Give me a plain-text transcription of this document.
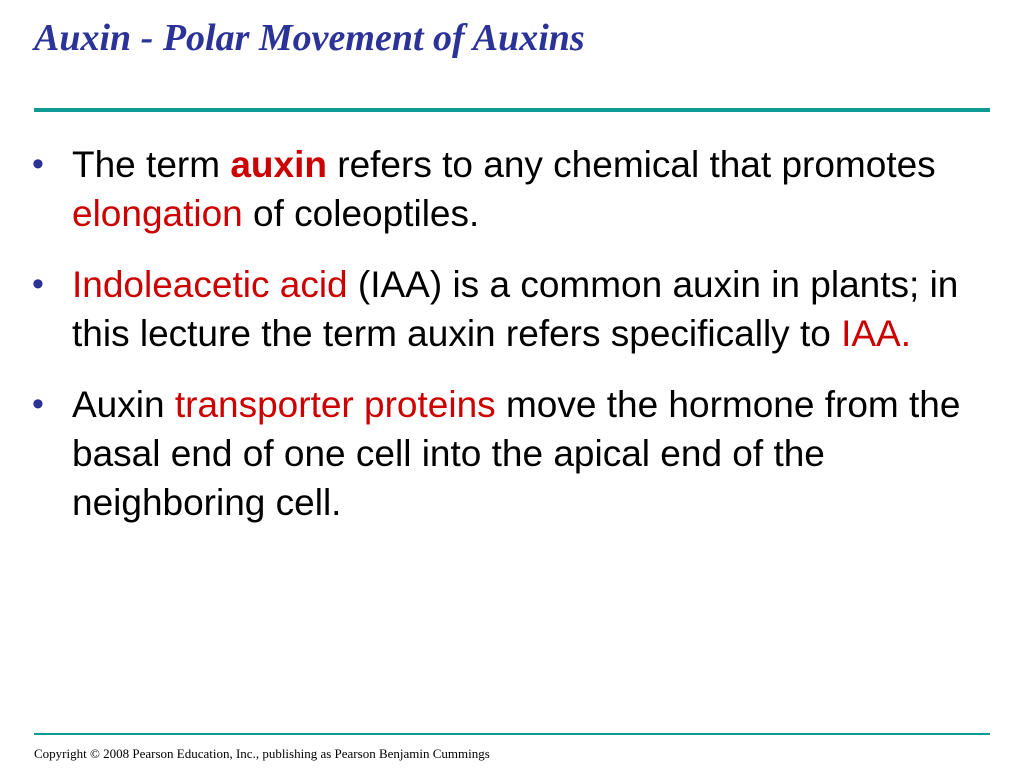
Auxin - Polar Movement of Auxins
• The term auxin refers to any chemical that promotes elongation of coleoptiles.
• Indoleacetic acid (IAA) is a common auxin in plants; in this lecture the term auxin refers specifically to IAA.
• Auxin transporter proteins move the hormone from the basal end of one cell into the apical end of the neighboring cell.
Copyright © 2008 Pearson Education, Inc., publishing as Pearson Benjamin Cummings
